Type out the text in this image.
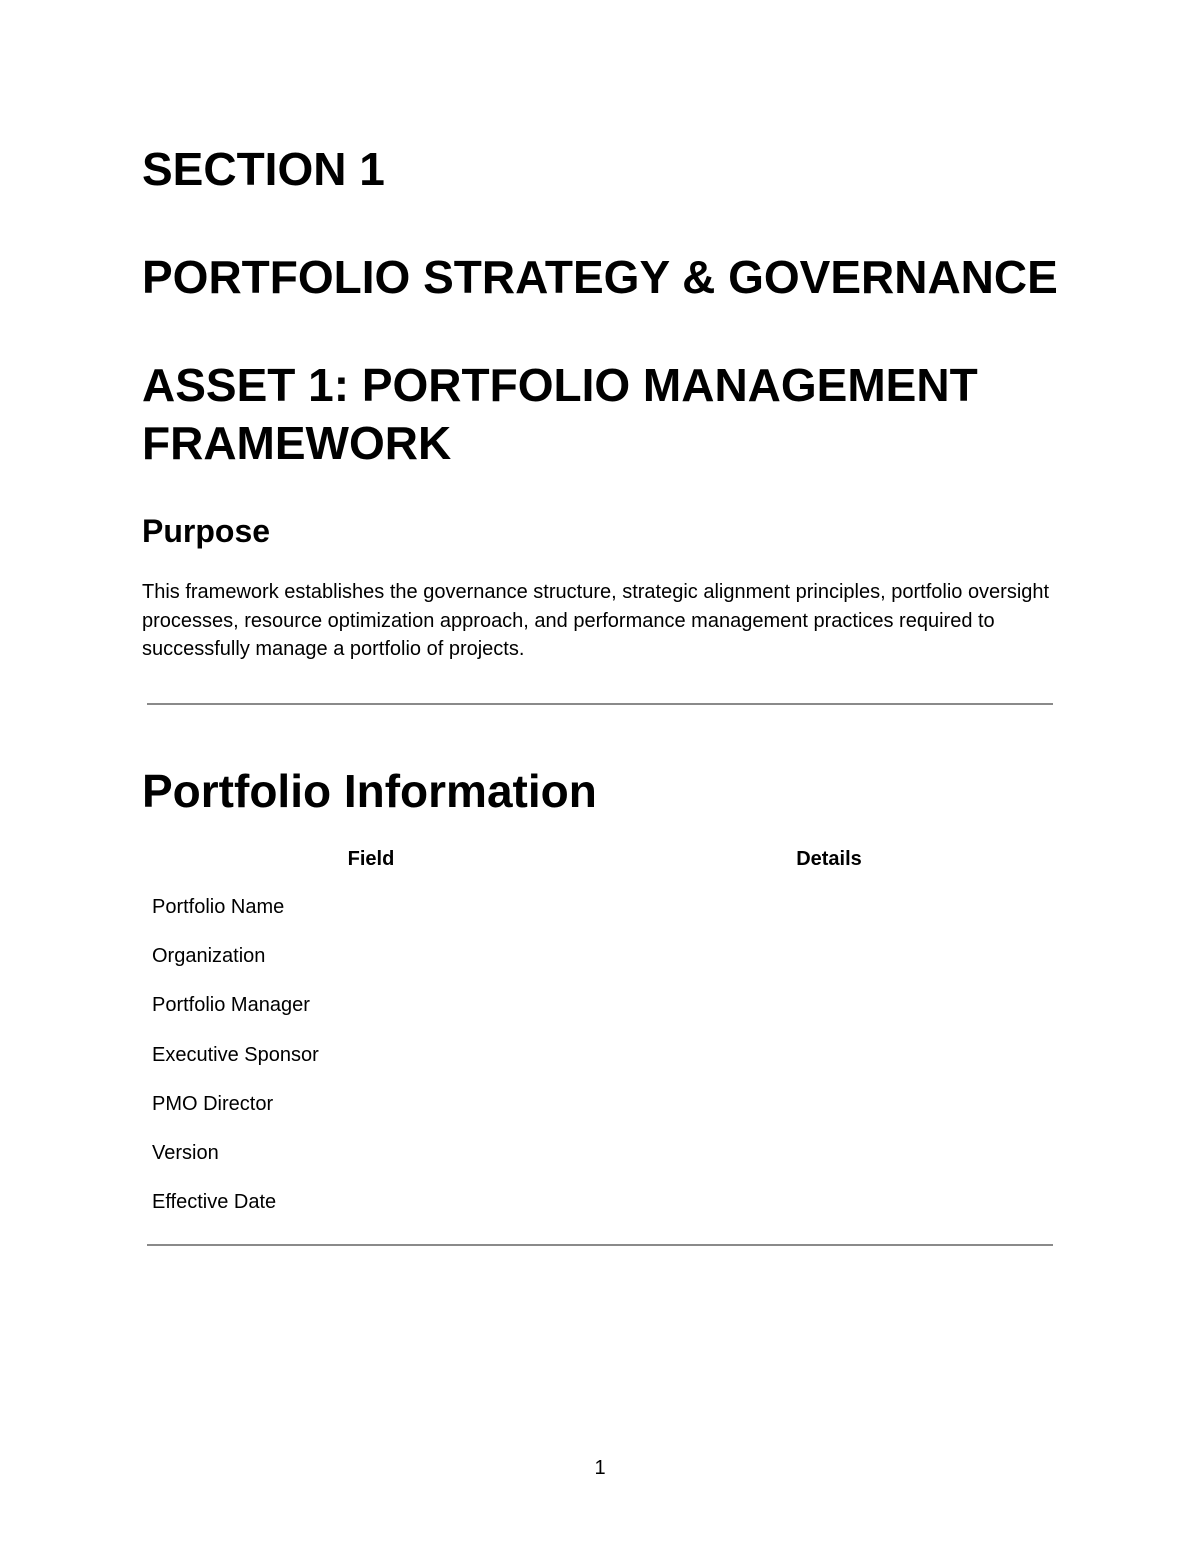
SECTION 1
PORTFOLIO STRATEGY & GOVERNANCE
ASSET 1: PORTFOLIO MANAGEMENT FRAMEWORK
Purpose

This framework establishes the governance structure, strategic alignment principles, portfolio oversight processes, resource optimization approach, and performance management practices required to successfully manage a portfolio of projects.

Portfolio Information
Field	Details
Portfolio Name
Organization
Portfolio Manager
Executive Sponsor
PMO Director
Version
Effective Date
1
